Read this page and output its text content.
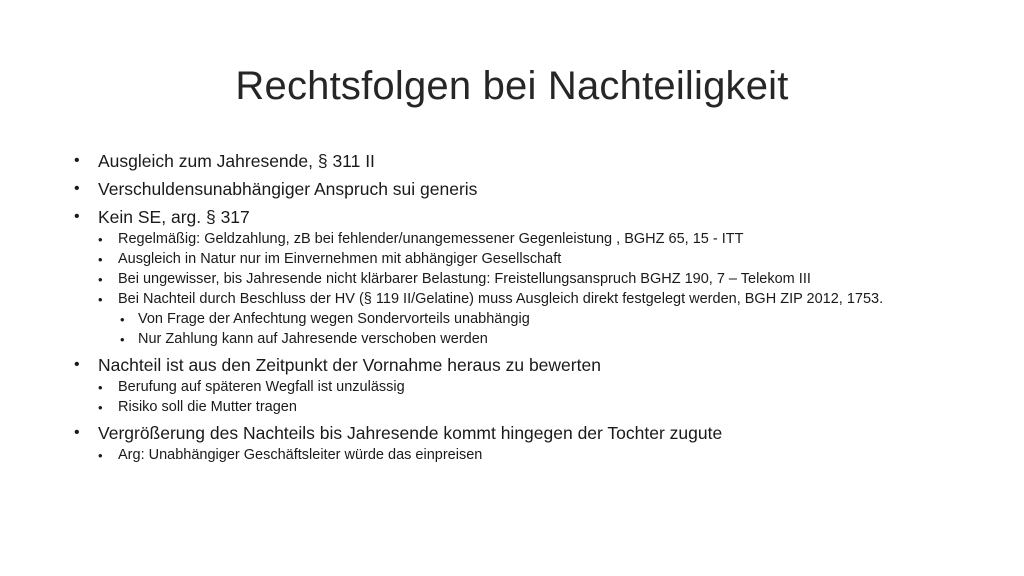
Rechtsfolgen bei Nachteiligkeit
•	Ausgleich zum Jahresende, § 311 II
•	Verschuldensunabhängiger Anspruch sui generis
•	Kein SE, arg. § 317
•	Regelmäßig: Geldzahlung, zB bei fehlender/unangemessener Gegenleistung , BGHZ 65, 15 - ITT
•	Ausgleich in Natur nur im Einvernehmen mit abhängiger Gesellschaft
•	Bei ungewisser, bis Jahresende nicht klärbarer Belastung: Freistellungsanspruch BGHZ 190, 7 – Telekom III
•	Bei Nachteil durch Beschluss der HV (§ 119 II/Gelatine) muss Ausgleich direkt festgelegt werden, BGH ZIP 2012, 1753.
• Von Frage der Anfechtung wegen Sondervorteils unabhängig
• Nur Zahlung kann auf Jahresende verschoben werden
•	Nachteil ist aus den Zeitpunkt der Vornahme heraus zu bewerten
•	Berufung auf späteren Wegfall ist unzulässig
•	Risiko soll die Mutter tragen
•	Vergrößerung des Nachteils bis Jahresende kommt hingegen der Tochter zugute
•	Arg: Unabhängiger Geschäftsleiter würde das einpreisen
